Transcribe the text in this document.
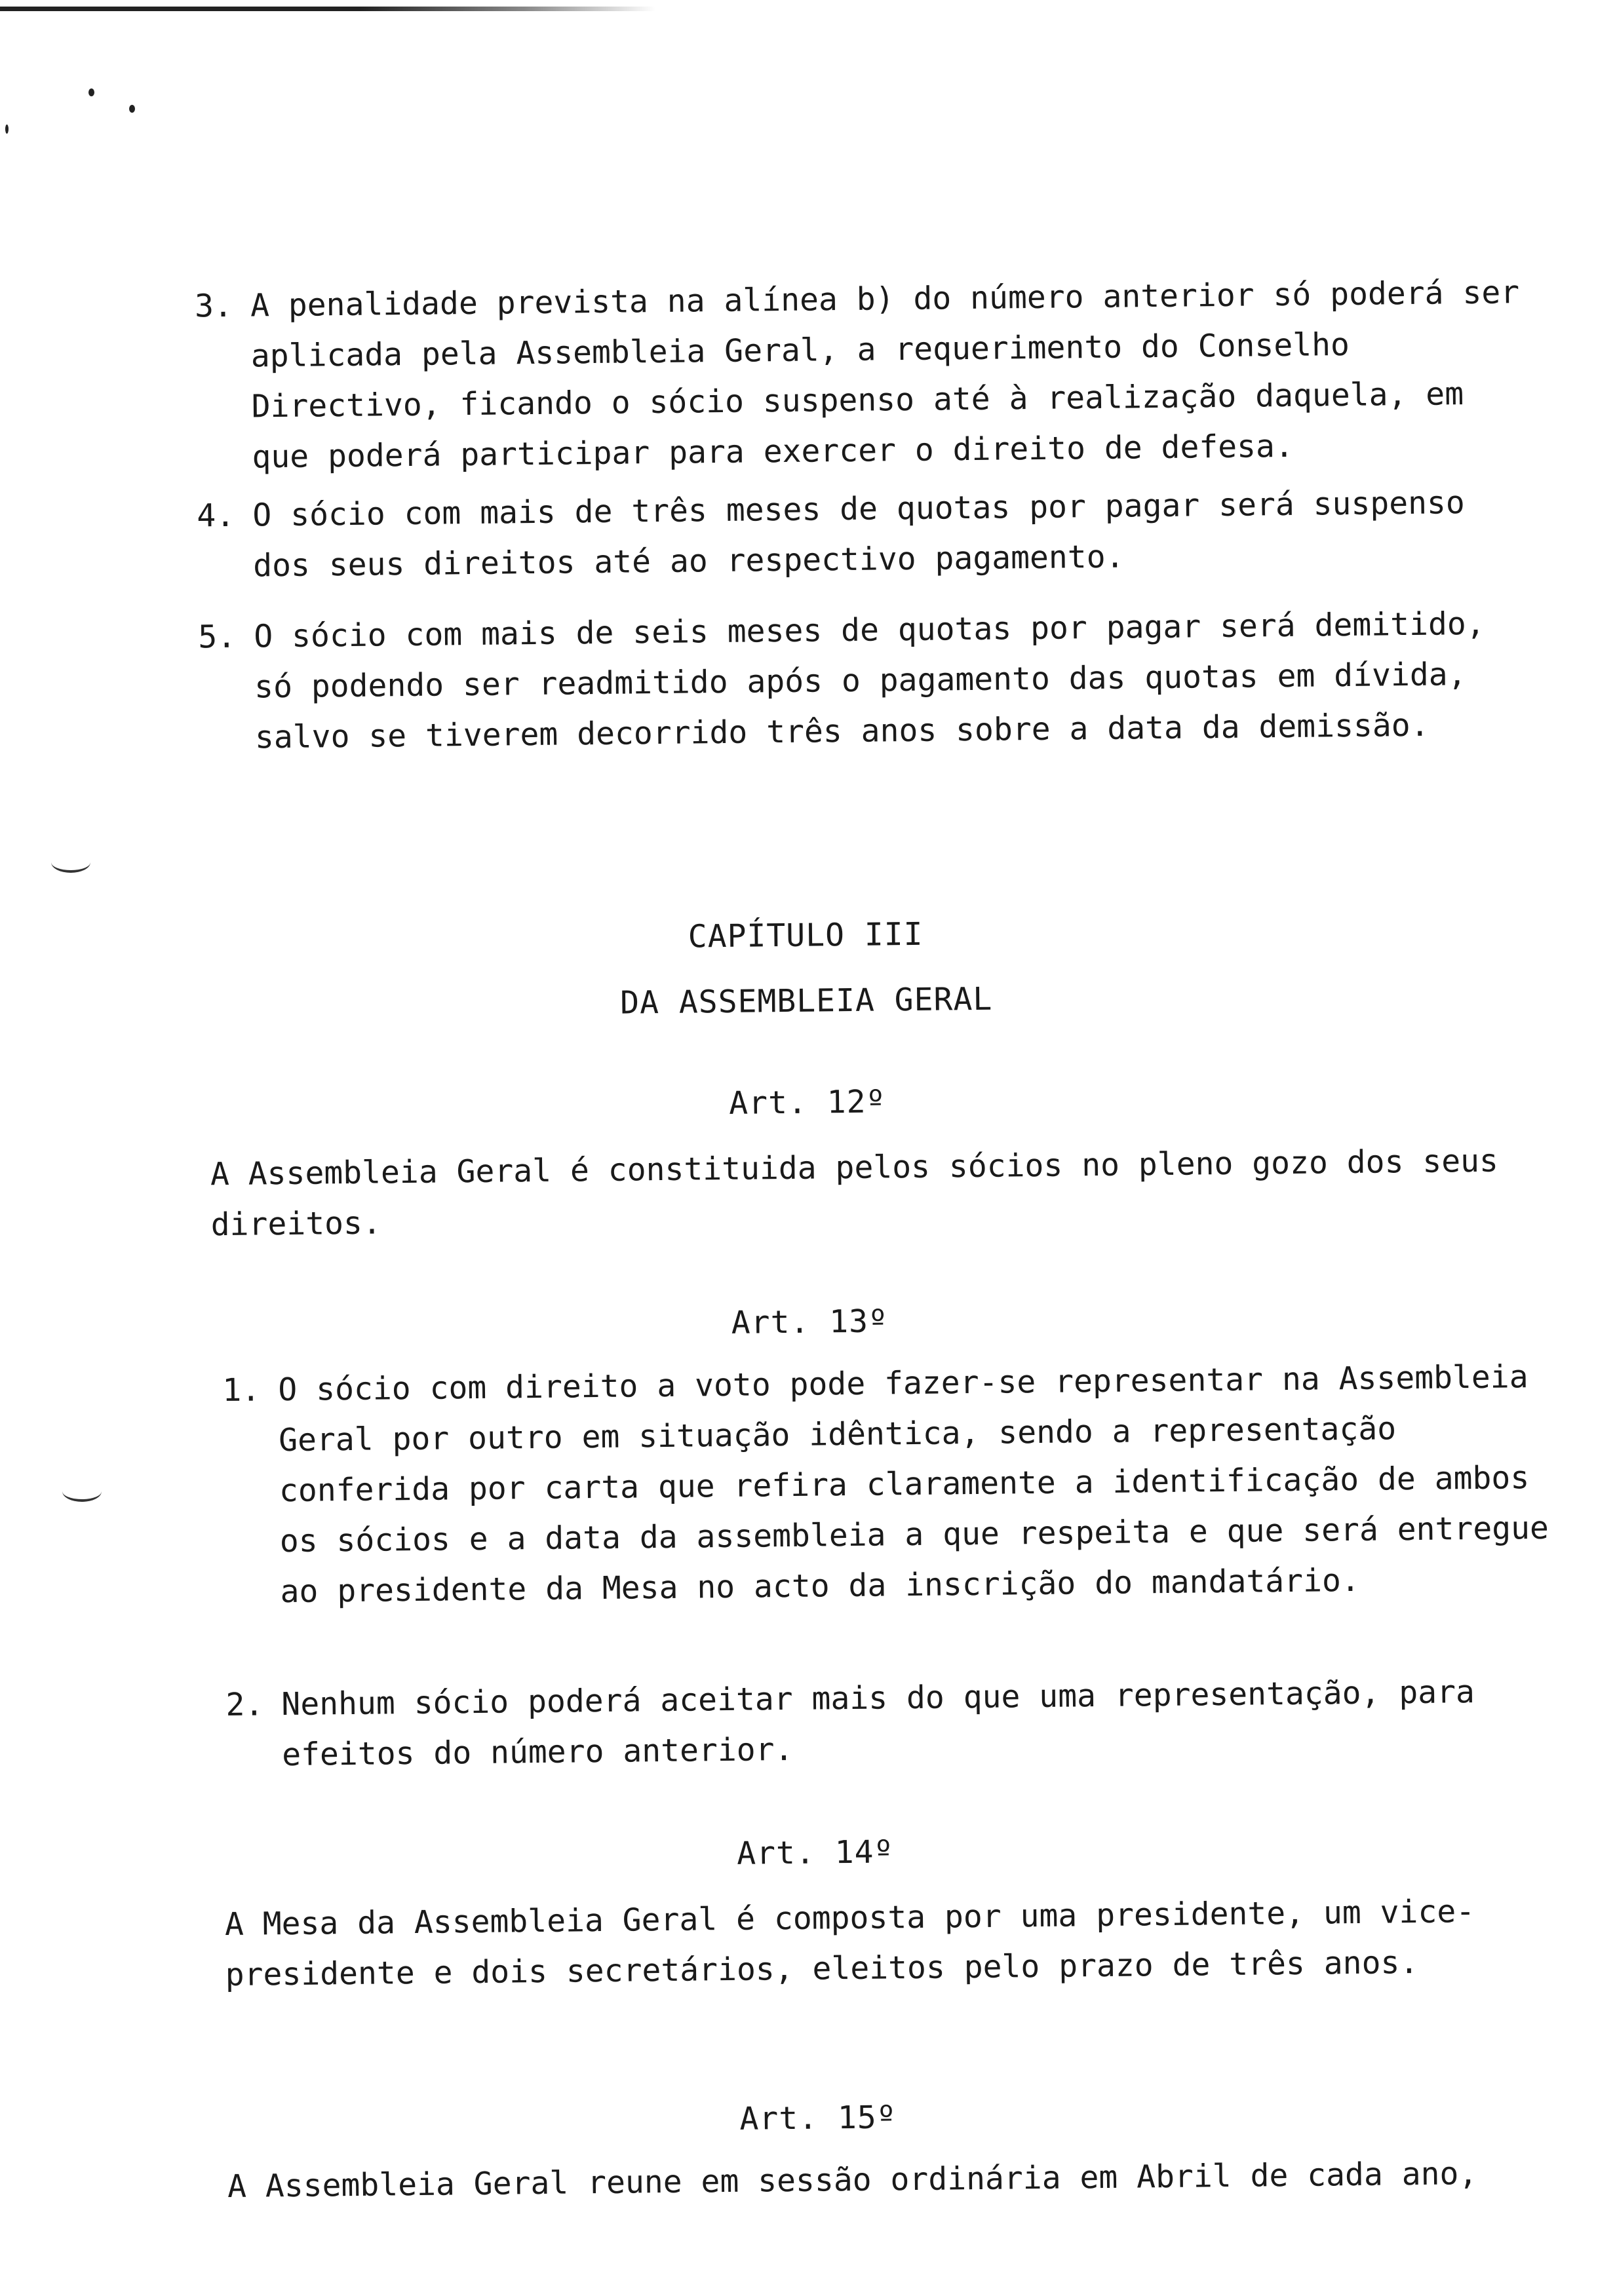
3. A penalidade prevista na alínea b) do número anterior só poderá ser aplicada pela Assembleia Geral, a requerimento do Conselho Directivo, ficando o sócio suspenso até à realização daquela, em que poderá participar para exercer o direito de defesa.
4. O sócio com mais de três meses de quotas por pagar será suspenso dos seus direitos até ao respectivo pagamento.
5. O sócio com mais de seis meses de quotas por pagar será demitido, só podendo ser readmitido após o pagamento das quotas em dívida, salvo se tiverem decorrido três anos sobre a data da demissão.
CAPÍTULO III
DA ASSEMBLEIA GERAL
Art. 12º
A Assembleia Geral é constituida pelos sócios no pleno gozo dos seus direitos.
Art. 13º
1. O sócio com direito a voto pode fazer-se representar na Assembleia Geral por outro em situação idêntica, sendo a representação conferida por carta que refira claramente a identificação de ambos os sócios e a data da assembleia a que respeita e que será entregue ao presidente da Mesa no acto da inscrição do mandatário.
2. Nenhum sócio poderá aceitar mais do que uma representação, para efeitos do número anterior.
Art. 14º
A Mesa da Assembleia Geral é composta por uma presidente, um vice-presidente e dois secretários, eleitos pelo prazo de três anos.
Art. 15º
A Assembleia Geral reune em sessão ordinária em Abril de cada ano,
